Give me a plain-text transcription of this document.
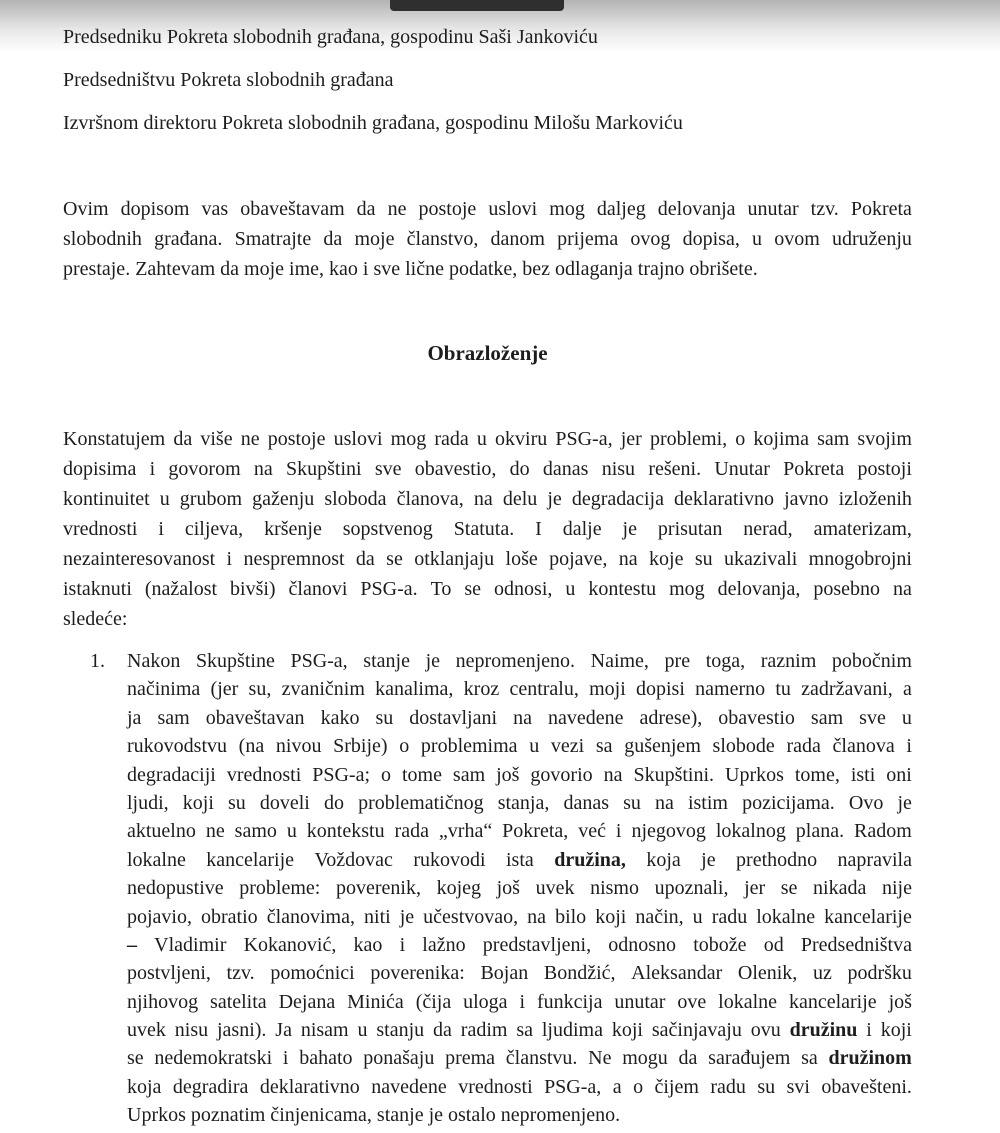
Predsedniku Pokreta slobodnih građana, gospodinu Saši Jankoviću
Predsedništvu Pokreta slobodnih građana
Izvršnom direktoru Pokreta slobodnih građana, gospodinu Milošu Markoviću
Ovim dopisom vas obaveštavam da ne postoje uslovi mog daljeg delovanja unutar tzv. Pokreta
slobodnih građana. Smatrajte da moje članstvo, danom prijema ovog dopisa, u ovom udruženju
prestaje. Zahtevam da moje ime, kao i sve lične podatke, bez odlaganja trajno obrišete.
Obrazloženje
Konstatujem da više ne postoje uslovi mog rada u okviru PSG-a, jer problemi, o kojima sam svojim
dopisima i govorom na Skupštini sve obavestio, do danas nisu rešeni. Unutar Pokreta postoji
kontinuitet u grubom gaženju sloboda članova, na delu je degradacija deklarativno javno izloženih
vrednosti i ciljeva, kršenje sopstvenog Statuta. I dalje je prisutan nerad, amaterizam,
nezainteresovanost i nespremnost da se otklanjaju loše pojave, na koje su ukazivali mnogobrojni
istaknuti (nažalost bivši) članovi PSG-a. To se odnosi, u kontestu mog delovanja, posebno na
sledeće:
1. Nakon Skupštine PSG-a, stanje je nepromenjeno. Naime, pre toga, raznim pobočnim
načinima (jer su, zvaničnim kanalima, kroz centralu, moji dopisi namerno tu zadržavani, a
ja sam obaveštavan kako su dostavljani na navedene adrese), obavestio sam sve u
rukovodstvu (na nivou Srbije) o problemima u vezi sa gušenjem slobode rada članova i
degradaciji vrednosti PSG-a; o tome sam još govorio na Skupštini. Uprkos tome, isti oni
ljudi, koji su doveli do problematičnog stanja, danas su na istim pozicijama. Ovo je
aktuelno ne samo u kontekstu rada „vrha“ Pokreta, već i njegovog lokalnog plana. Radom
lokalne kancelarije Voždovac rukovodi ista družina, koja je prethodno napravila
nedopustive probleme: poverenik, kojeg još uvek nismo upoznali, jer se nikada nije
pojavio, obratio članovima, niti je učestvovao, na bilo koji način, u radu lokalne kancelarije
– Vladimir Kokanović, kao i lažno predstavljeni, odnosno tobože od Predsedništva
postvljeni, tzv. pomoćnici poverenika: Bojan Bondžić, Aleksandar Olenik, uz podršku
njihovog satelita Dejana Minića (čija uloga i funkcija unutar ove lokalne kancelarije još
uvek nisu jasni). Ja nisam u stanju da radim sa ljudima koji sačinjavaju ovu družinu i koji
se nedemokratski i bahato ponašaju prema članstvu. Ne mogu da sarađujem sa družinom
koja degradira deklarativno navedene vrednosti PSG-a, a o čijem radu su svi obavešteni.
Uprkos poznatim činjenicama, stanje je ostalo nepromenjeno.
